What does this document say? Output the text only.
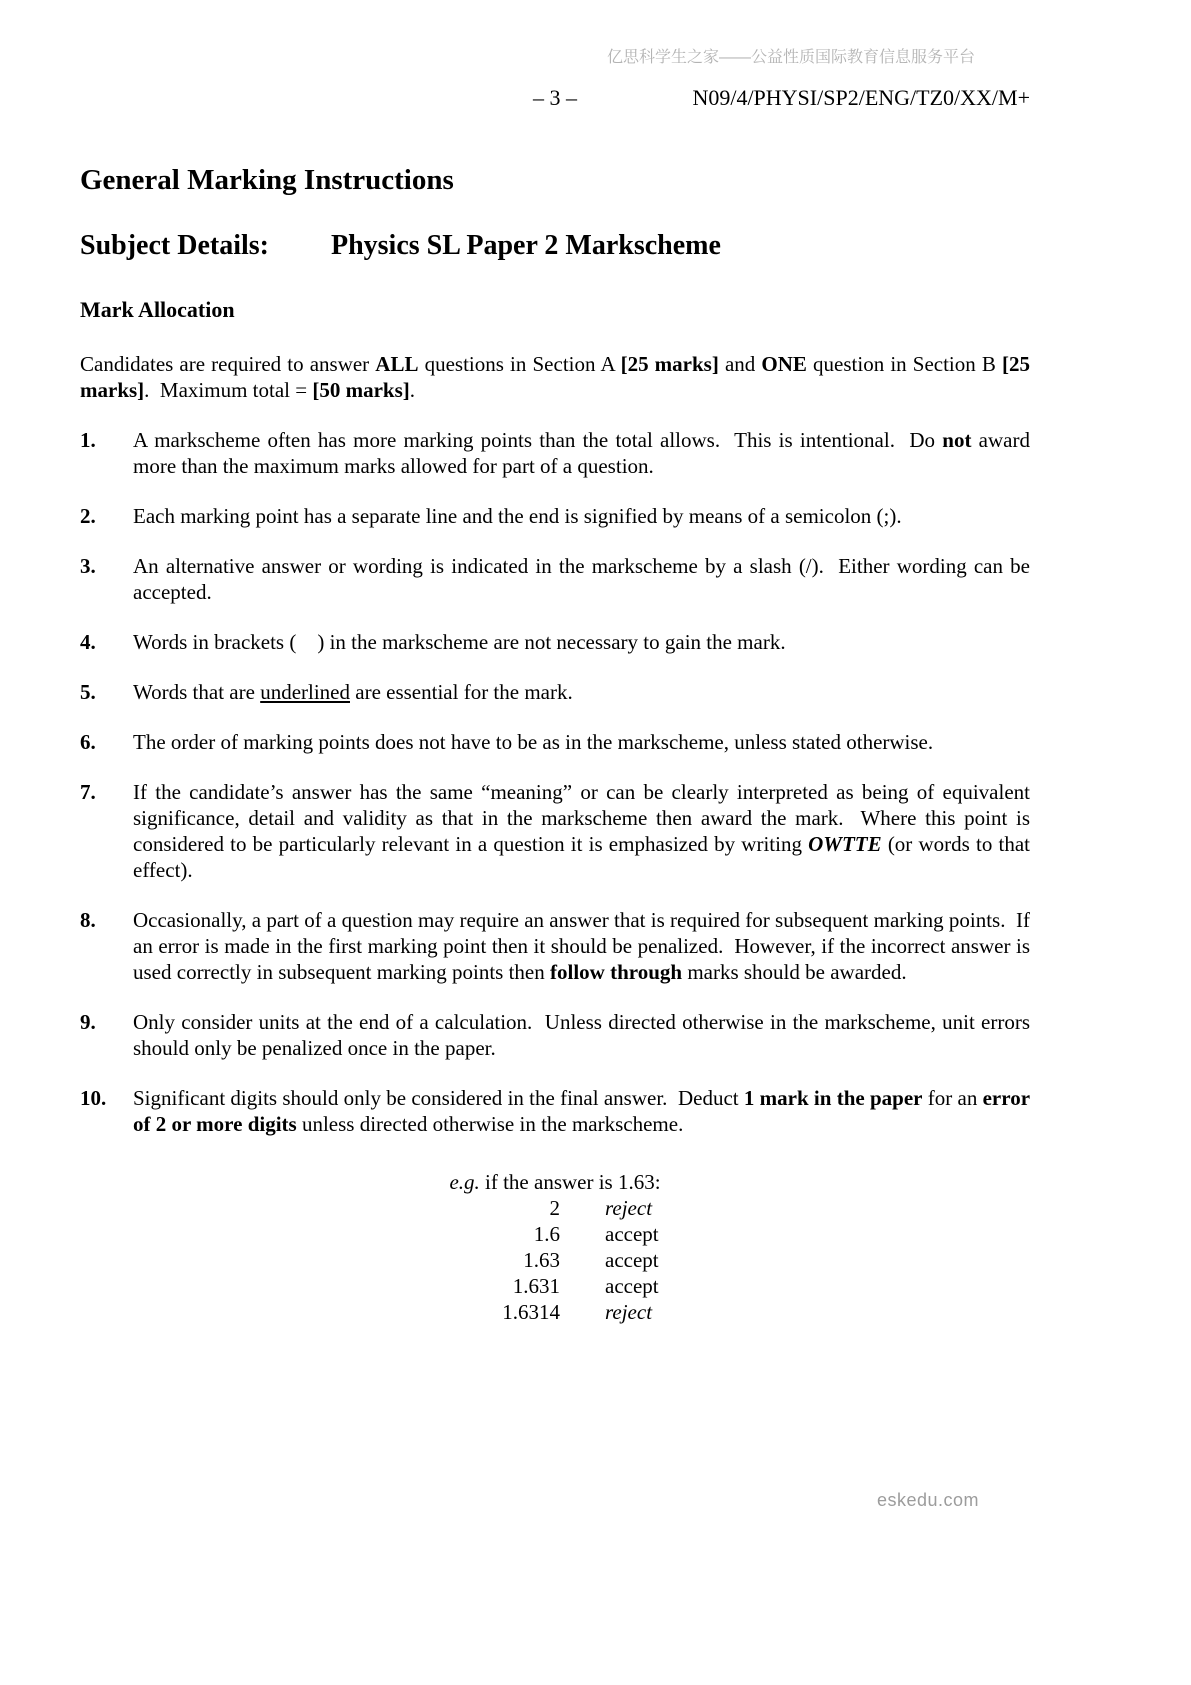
亿思科学生之家——公益性质国际教育信息服务平台
– 3 –	N09/4/PHYSI/SP2/ENG/TZ0/XX/M+
General Marking Instructions
Subject Details: Physics SL Paper 2 Markscheme
Mark Allocation

Candidates are required to answer ALL questions in Section A [25 marks] and ONE question in Section B [25 marks].  Maximum total = [50 marks].

1.	A markscheme often has more marking points than the total allows.  This is intentional.  Do not award more than the maximum marks allowed for part of a question.
2.	Each marking point has a separate line and the end is signified by means of a semicolon (;).
3.	An alternative answer or wording is indicated in the markscheme by a slash (/).  Either wording can be accepted.
4.	Words in brackets (    ) in the markscheme are not necessary to gain the mark.
5.	Words that are underlined are essential for the mark.
6.	The order of marking points does not have to be as in the markscheme, unless stated otherwise.
7.	If the candidate’s answer has the same “meaning” or can be clearly interpreted as being of equivalent significance, detail and validity as that in the markscheme then award the mark.  Where this point is considered to be particularly relevant in a question it is emphasized by writing OWTTE (or words to that effect).
8.	Occasionally, a part of a question may require an answer that is required for subsequent marking points.  If an error is made in the first marking point then it should be penalized.  However, if the incorrect answer is used correctly in subsequent marking points then follow through marks should be awarded.
9.	Only consider units at the end of a calculation.  Unless directed otherwise in the markscheme, unit errors should only be penalized once in the paper.
10.	Significant digits should only be considered in the final answer.  Deduct 1 mark in the paper for an error of 2 or more digits unless directed otherwise in the markscheme.
e.g. if the answer is 1.63:
2 reject
1.6 accept
1.63 accept
1.631 accept
1.6314 reject
eskedu.com
